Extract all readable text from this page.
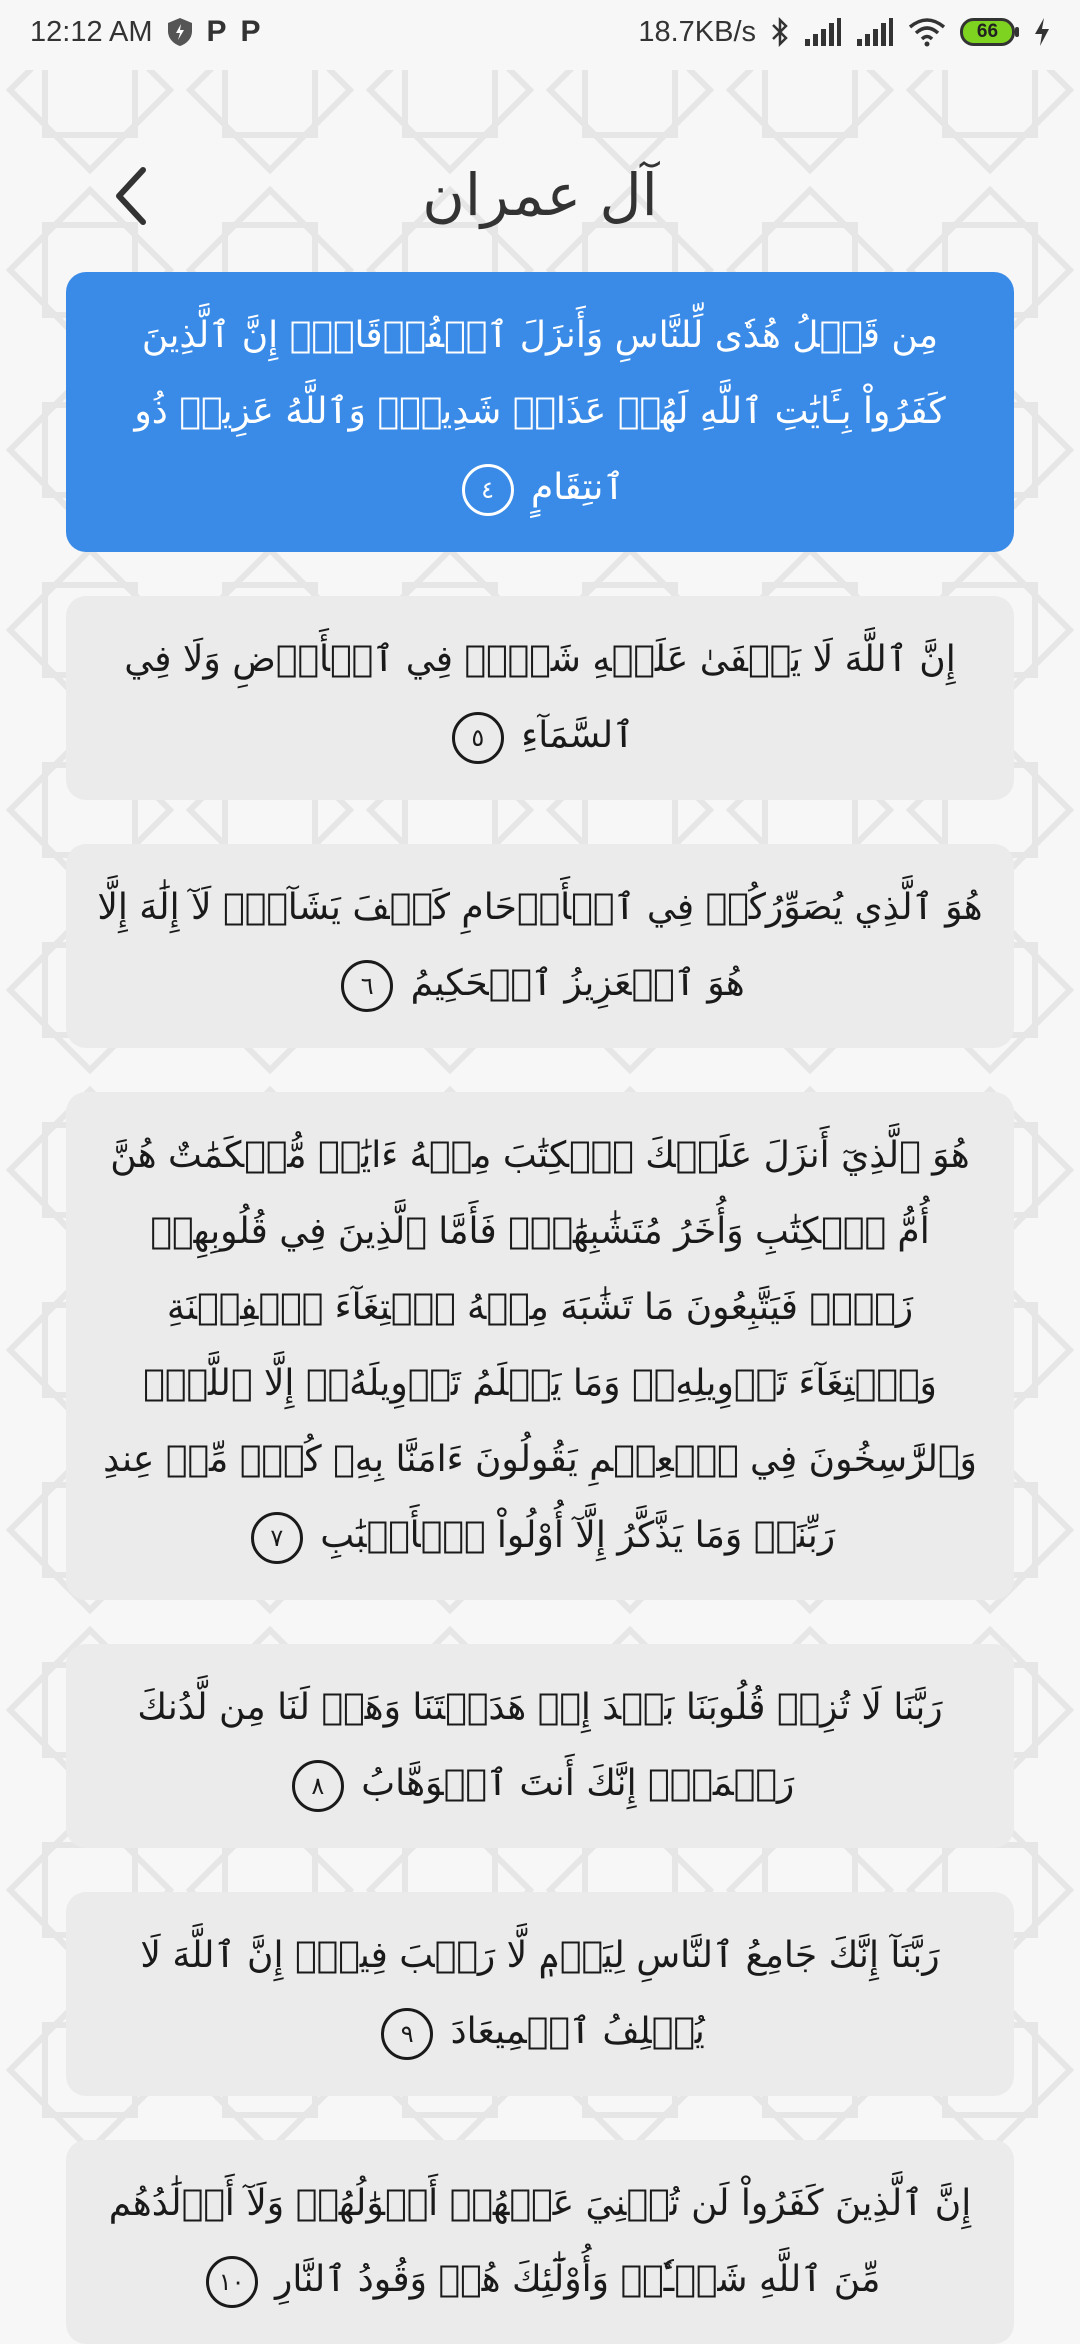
12:12 AM P P	18.7KB/s	66
آل عمران
مِن قَبۡلُ هُدٗى لِّلنَّاسِ وَأَنزَلَ ٱلۡفُرۡقَانَۗ إِنَّ ٱلَّذِينَ كَفَرُواْ بِـَٔايَٰتِ ٱللَّهِ لَهُمۡ عَذَابٞ شَدِيدٞۗ وَٱللَّهُ عَزِيزٞ ذُو ٱنتِقَامٍ ٤
إِنَّ ٱللَّهَ لَا يَخۡفَىٰ عَلَيۡهِ شَيۡءٞ فِي ٱلۡأَرۡضِ وَلَا فِي ٱلسَّمَآءِ ٥
هُوَ ٱلَّذِي يُصَوِّرُكُمۡ فِي ٱلۡأَرۡحَامِ كَيۡفَ يَشَآءُۚ لَآ إِلَٰهَ إِلَّا هُوَ ٱلۡعَزِيزُ ٱلۡحَكِيمُ ٦
هُوَ ٱلَّذِيٓ أَنزَلَ عَلَيۡكَ ٱلۡكِتَٰبَ مِنۡهُ ءَايَٰتٞ مُّحۡكَمَٰتٌ هُنَّ أُمُّ ٱلۡكِتَٰبِ وَأُخَرُ مُتَشَٰبِهَٰتٞۖ فَأَمَّا ٱلَّذِينَ فِي قُلُوبِهِمۡ زَيۡغٞ فَيَتَّبِعُونَ مَا تَشَٰبَهَ مِنۡهُ ٱبۡتِغَآءَ ٱلۡفِتۡنَةِ وَٱبۡتِغَآءَ تَأۡوِيلِهِۦۖ وَمَا يَعۡلَمُ تَأۡوِيلَهُۥٓ إِلَّا ٱللَّهُۗ وَٱلرَّٰسِخُونَ فِي ٱلۡعِلۡمِ يَقُولُونَ ءَامَنَّا بِهِۦ كُلّٞ مِّنۡ عِندِ رَبِّنَاۗ وَمَا يَذَّكَّرُ إِلَّآ أُوْلُواْ ٱلۡأَلۡبَٰبِ ٧
رَبَّنَا لَا تُزِغۡ قُلُوبَنَا بَعۡدَ إِذۡ هَدَيۡتَنَا وَهَبۡ لَنَا مِن لَّدُنكَ رَحۡمَةًۚ إِنَّكَ أَنتَ ٱلۡوَهَّابُ ٨
رَبَّنَآ إِنَّكَ جَامِعُ ٱلنَّاسِ لِيَوۡمٖ لَّا رَيۡبَ فِيهِۚ إِنَّ ٱللَّهَ لَا يُخۡلِفُ ٱلۡمِيعَادَ ٩
إِنَّ ٱلَّذِينَ كَفَرُواْ لَن تُغۡنِيَ عَنۡهُمۡ أَمۡوَٰلُهُمۡ وَلَآ أَوۡلَٰدُهُم مِّنَ ٱللَّهِ شَيۡـٔٗاۖ وَأُوْلَٰٓئِكَ هُمۡ وَقُودُ ٱلنَّارِ ١٠
